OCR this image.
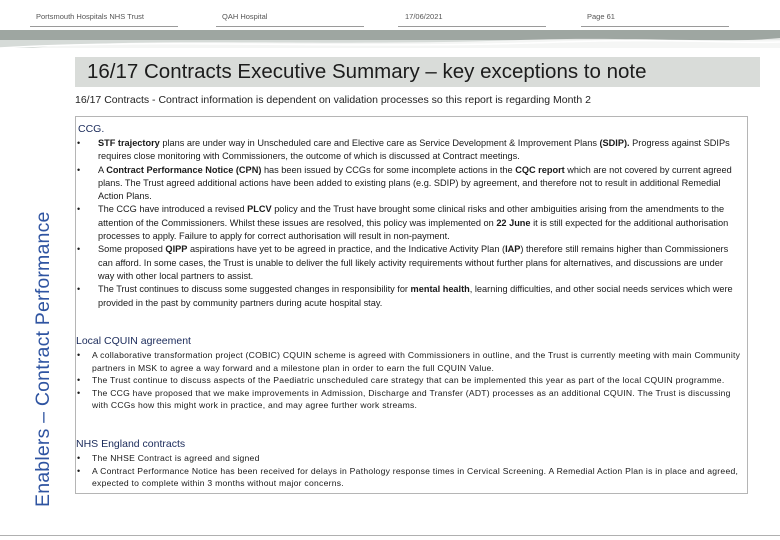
Portsmouth Hospitals NHS Trust	QAH Hospital	17/06/2021	Page 61
16/17 Contracts Executive Summary – key exceptions to note
16/17 Contracts - Contract information is dependent on validation processes so this report is regarding Month 2
Enablers – Contract Performance
CCG.
• STF trajectory plans are under way in Unscheduled care and Elective care as Service Development & Improvement Plans (SDIP). Progress against SDIPs requires close monitoring with Commissioners, the outcome of which is discussed at Contract meetings.
• A Contract Performance Notice (CPN) has been issued by CCGs for some incomplete actions in the CQC report which are not covered by current agreed plans. The Trust agreed additional actions have been added to existing plans (e.g. SDIP) by agreement, and therefore not to result in additional Remedial Action Plans.
• The CCG have introduced a revised PLCV policy and the Trust have brought some clinical risks and other ambiguities arising from the amendments to the attention of the Commissioners. Whilst these issues are resolved, this policy was implemented on 22 June it is still expected for the additional authorisation processes to apply. Failure to apply for correct authorisation will result in non-payment.
• Some proposed QIPP aspirations have yet to be agreed in practice, and the Indicative Activity Plan (IAP) therefore still remains higher than Commissioners can afford. In some cases, the Trust is unable to deliver the full likely activity requirements without further plans for alternatives, and discussions are under way with other local partners to assist.
• The Trust continues to discuss some suggested changes in responsibility for mental health, learning difficulties, and other social needs services which were provided in the past by community partners during acute hospital stay.
Local CQUIN agreement
• A collaborative transformation project (COBIC) CQUIN scheme is agreed with Commissioners in outline, and the Trust is currently meeting with main Community partners in MSK to agree a way forward and a milestone plan in order to earn the full CQUIN Value.
• The Trust continue to discuss aspects of the Paediatric unscheduled care strategy that can be implemented this year as part of the local CQUIN programme.
• The CCG have proposed that we make improvements in Admission, Discharge and Transfer (ADT) processes as an additional CQUIN. The Trust is discussing with CCGs how this might work in practice, and may agree further work streams.
NHS England contracts
• The NHSE Contract is agreed and signed
• A Contract Performance Notice has been received for delays in Pathology response times in Cervical Screening. A Remedial Action Plan is in place and agreed, expected to complete within 3 months without major concerns.
